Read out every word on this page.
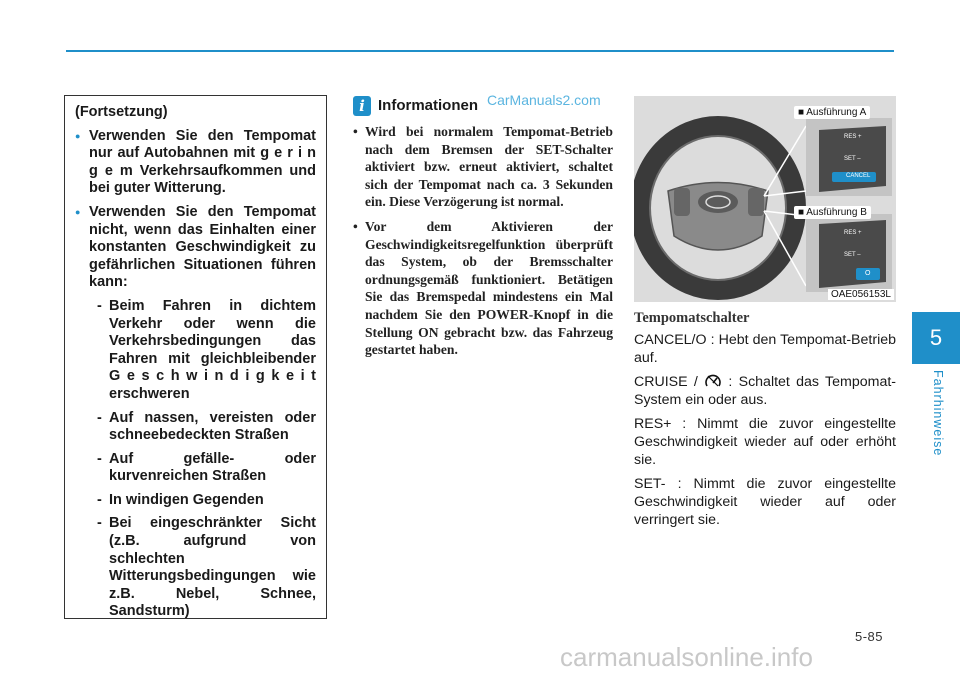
(Fortsetzung)
● Verwenden Sie den Tempomat nur auf Autobahnen mit g e r i n g e m Verkehrsaufkommen und bei guter Witterung.
● Verwenden Sie den Tempomat nicht, wenn das Einhalten einer konstanten Geschwindigkeit zu gefährlichen Situationen führen kann:
- Beim Fahren in dichtem Verkehr oder wenn die Verkehrsbedingungen das Fahren mit gleichbleibender G e s c h w i n d i g k e i t erschweren
- Auf nassen, vereisten oder schneebedeckten Straßen
- Auf gefälle- oder kurvenreichen Straßen
- In windigen Gegenden
- Bei eingeschränkter Sicht (z.B. aufgrund von schlechten Witterungsbedingungen wie z.B. Nebel, Schnee, Sandsturm)
i Informationen CarManuals2.com
• Wird bei normalem Tempomat-Betrieb nach dem Bremsen der SET-Schalter aktiviert bzw. erneut aktiviert, schaltet sich der Tempomat nach ca. 3 Sekunden ein. Diese Verzögerung ist normal.
• Vor dem Aktivieren der Geschwindigkeitsregelfunktion überprüft das System, ob der Bremsschalter ordnungsgemäß funktioniert. Betätigen Sie das Bremspedal mindestens ein Mal nachdem Sie den POWER-Knopf in die Stellung ON gebracht bzw. das Fahrzeug gestartet haben.
■ Ausführung A
■ Ausführung B
RES +
SET –
CANCEL
RES +
SET –
O
OAE056153L
Tempomatschalter
CANCEL/O : Hebt den Tempomat-Betrieb auf.
CRUISE /  : Schaltet das Tempomat-System ein oder aus.
RES+ : Nimmt die zuvor eingestellte Geschwindigkeit wieder auf oder erhöht sie.
SET- : Nimmt die zuvor eingestellte Geschwindigkeit wieder auf oder verringert sie.
5
Fahrhinweise
5-85
carmanualsonline.info
